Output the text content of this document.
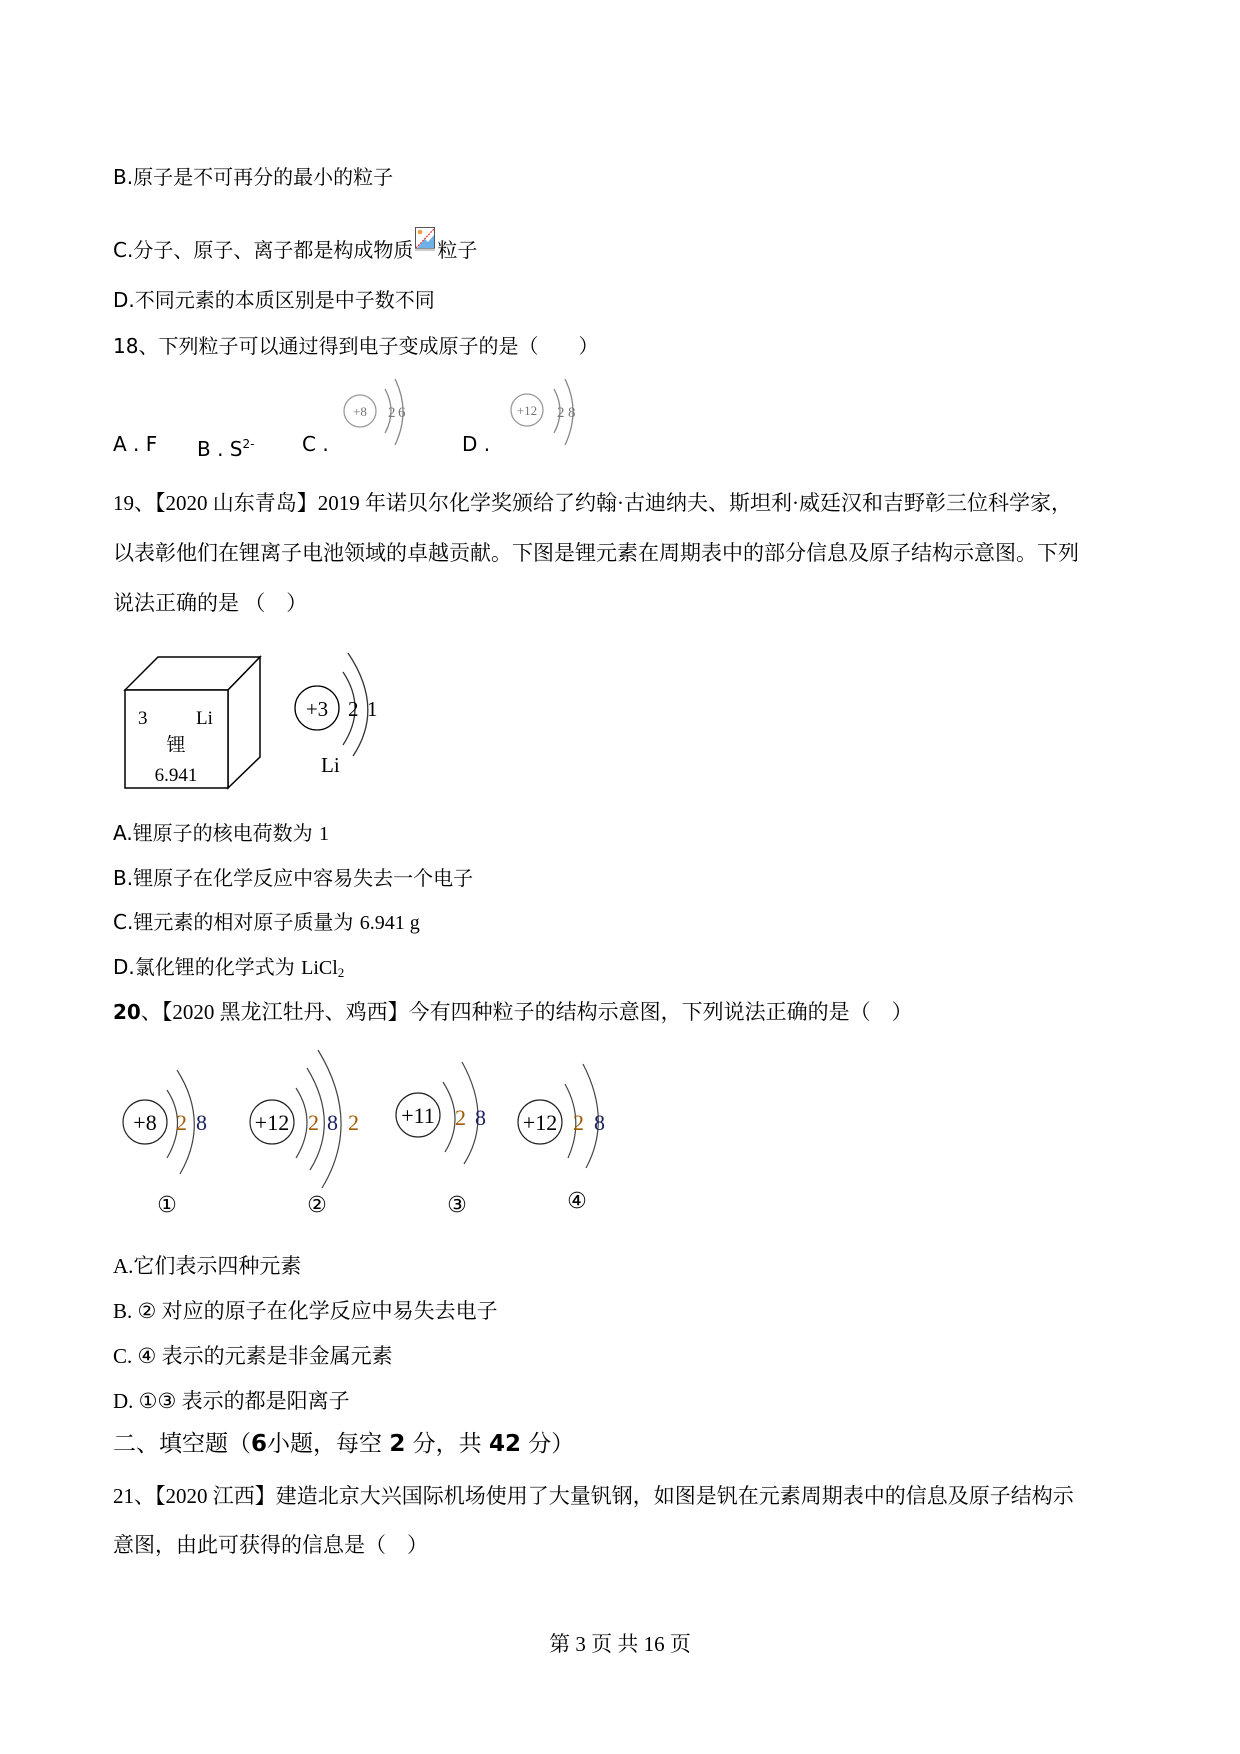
B.原子是不可再分的最小的粒子
C.分子、原子、离子都是构成物质 粒子
D.不同元素的本质区别是中子数不同
18、下列粒子可以通过得到电子变成原子的是（　　）
A . F B . $S^{2-}$ C .	D .
+8 2 6	+12 2 8
19、【2020 山东青岛】2019 年诺贝尔化学奖颁给了约翰·古迪纳夫、斯坦利·威廷汉和吉野彰三位科学家，
以表彰他们在锂离子电池领域的卓越贡献。下图是锂元素在周期表中的部分信息及原子结构示意图。下列
说法正确的是 （　）
3	Li
锂
6.941
+3 2 1
Li
A.锂原子的核电荷数为 1
B.锂原子在化学反应中容易失去一个电子
C.锂元素的相对原子质量为 6.941 g
D.氯化锂的化学式为 LiCl$_2$
20、【2020 黑龙江牡丹、鸡西】今有四种粒子的结构示意图，下列说法正确的是（　）
+8 2 8
①
+12 2 8 2
②
+11 2 8
③
+12 2 8
④
A.它们表示四种元素
B. ② 对应的原子在化学反应中易失去电子
C. ④ 表示的元素是非金属元素
D. ①③ 表示的都是阳离子
二、填空题（6小题，每空 2 分，共 42 分）
21、【2020 江西】建造北京大兴国际机场使用了大量钒钢，如图是钒在元素周期表中的信息及原子结构示
意图，由此可获得的信息是（　）
第 3 页 共 16 页
